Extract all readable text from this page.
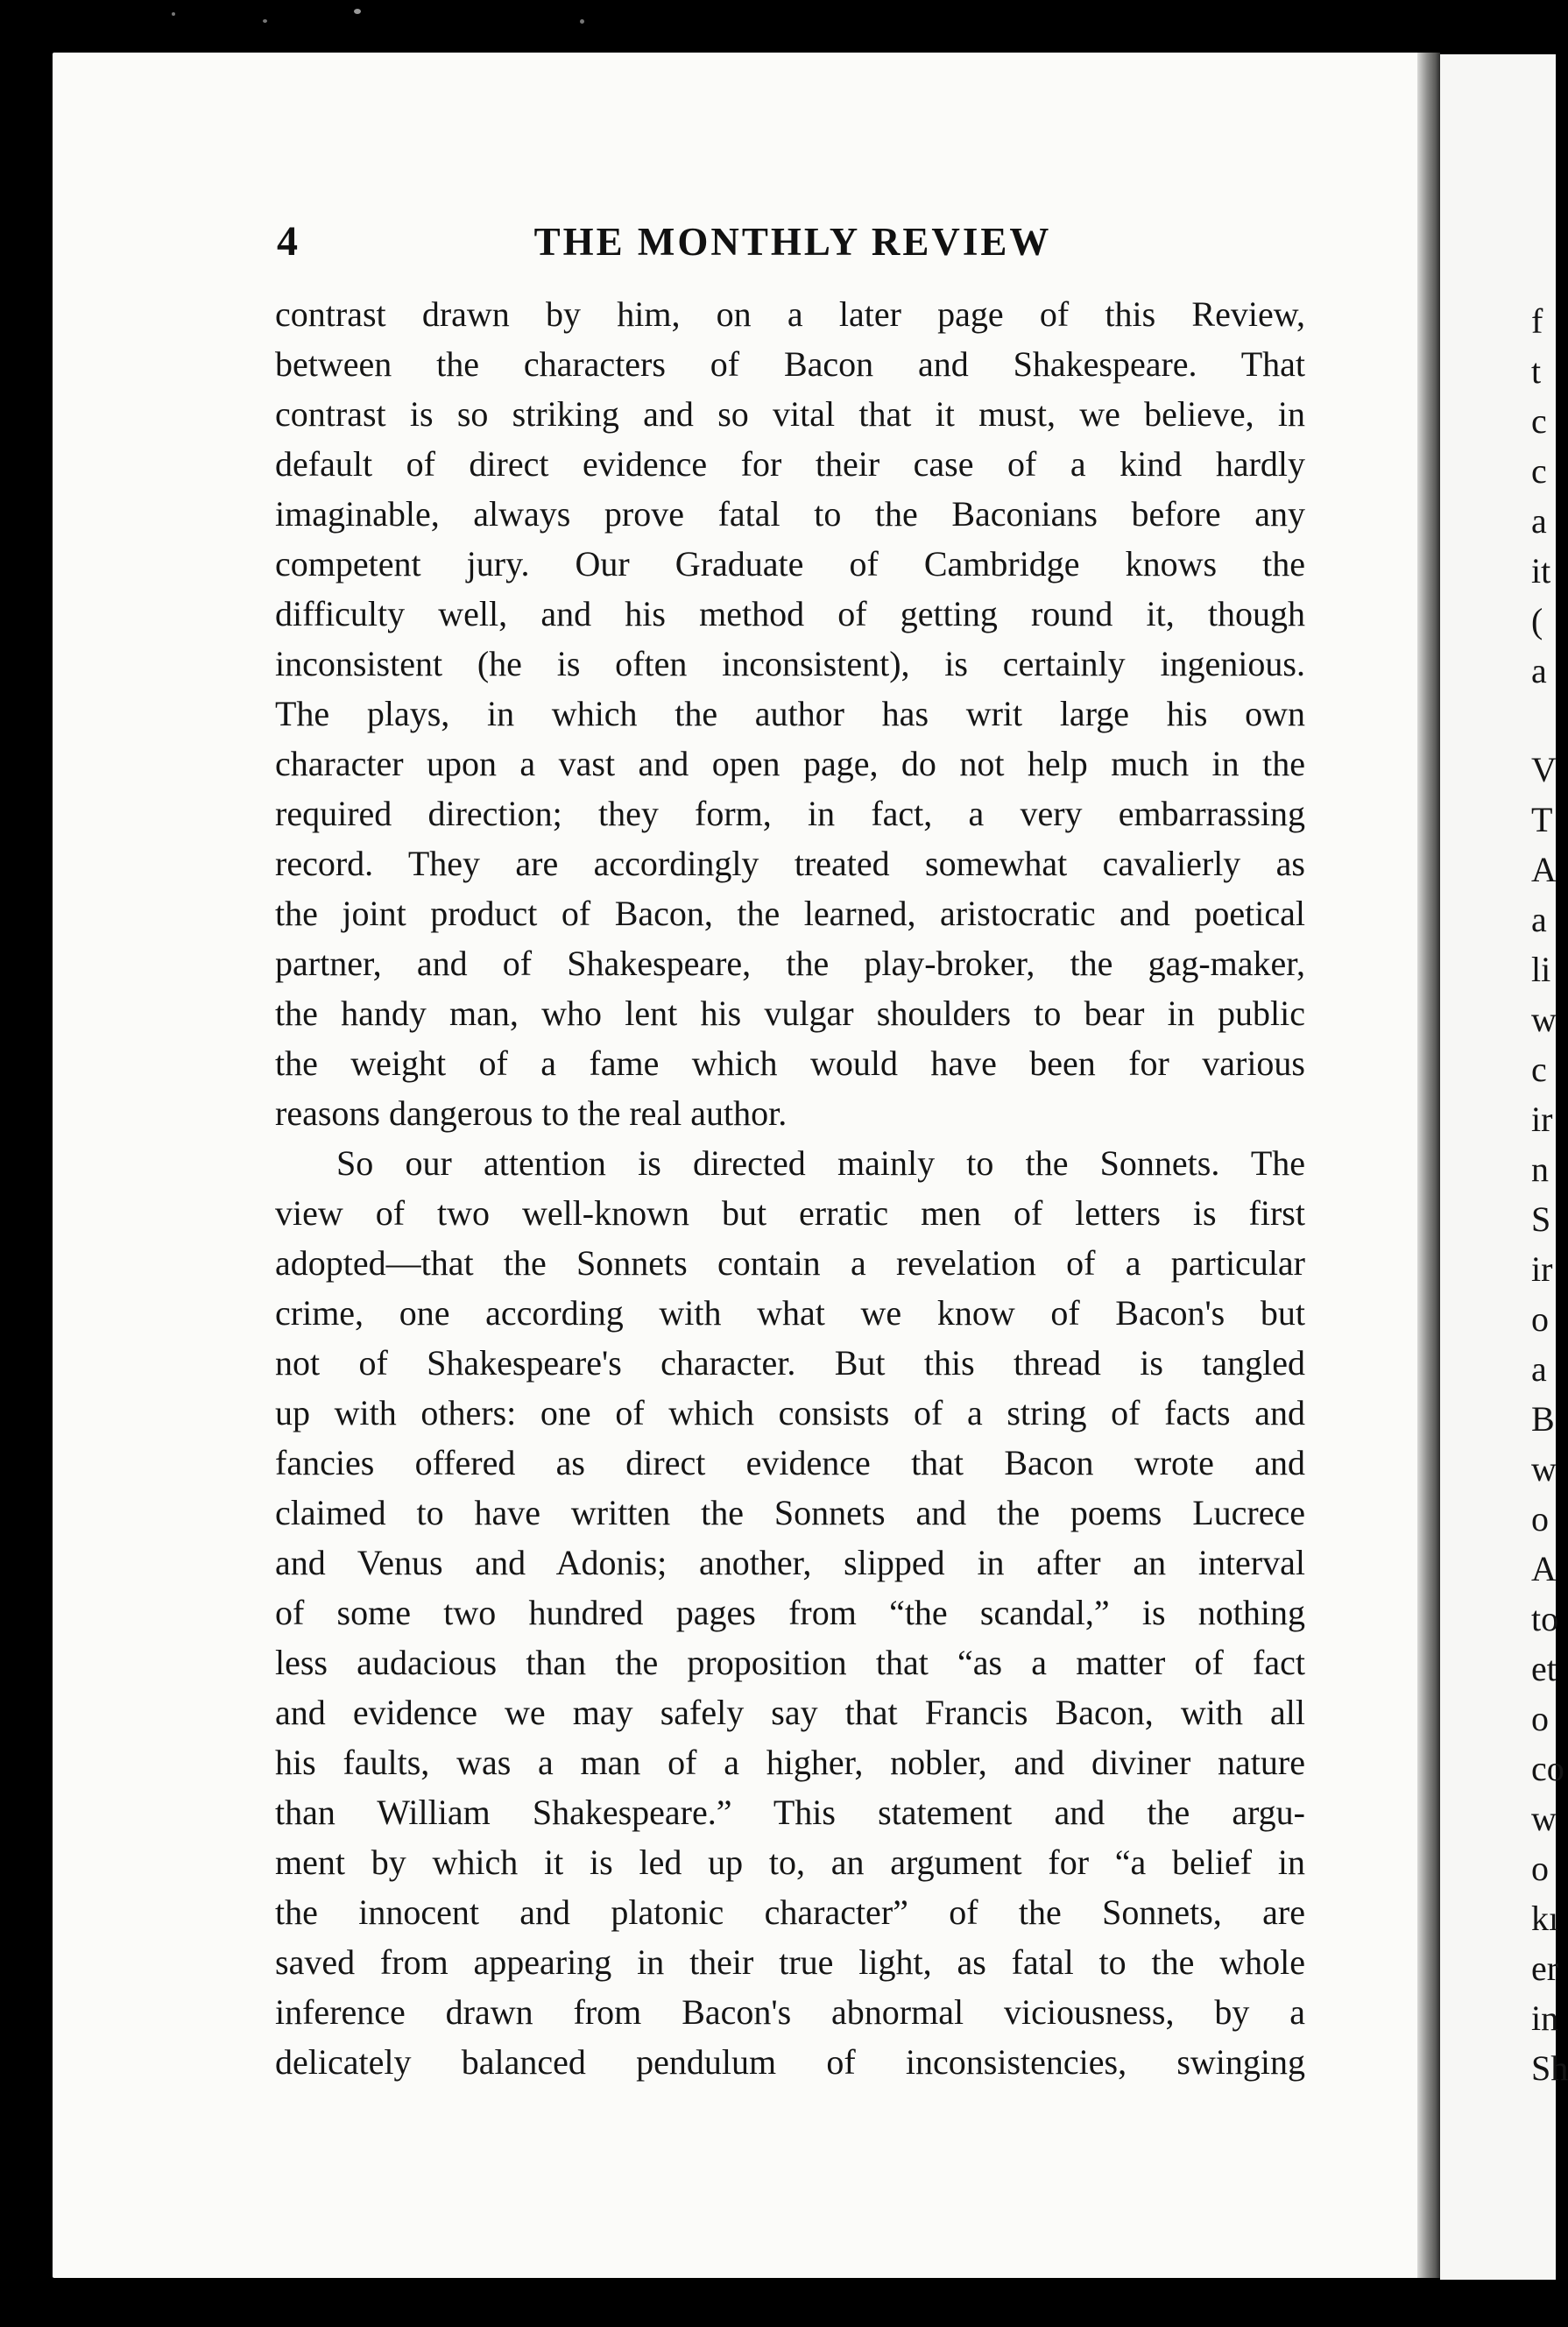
4	THE MONTHLY REVIEW
contrast drawn by him, on a later page of this Review,
between the characters of Bacon and Shakespeare. That
contrast is so striking and so vital that it must, we believe, in
default of direct evidence for their case of a kind hardly
imaginable, always prove fatal to the Baconians before any
competent jury. Our Graduate of Cambridge knows the
difficulty well, and his method of getting round it, though
inconsistent (he is often inconsistent), is certainly ingenious.
The plays, in which the author has writ large his own
character upon a vast and open page, do not help much in the
required direction; they form, in fact, a very embarrassing
record. They are accordingly treated somewhat cavalierly as
the joint product of Bacon, the learned, aristocratic and poetical
partner, and of Shakespeare, the play-broker, the gag-maker,
the handy man, who lent his vulgar shoulders to bear in public
the weight of a fame which would have been for various
reasons dangerous to the real author.
So our attention is directed mainly to the Sonnets. The
view of two well-known but erratic men of letters is first
adopted—that the Sonnets contain a revelation of a particular
crime, one according with what we know of Bacon's but
not of Shakespeare's character. But this thread is tangled
up with others: one of which consists of a string of facts and
fancies offered as direct evidence that Bacon wrote and
claimed to have written the Sonnets and the poems Lucrece
and Venus and Adonis; another, slipped in after an interval
of some two hundred pages from “the scandal,” is nothing
less audacious than the proposition that “as a matter of fact
and evidence we may safely say that Francis Bacon, with all
his faults, was a man of a higher, nobler, and diviner nature
than William Shakespeare.” This statement and the argu-
ment by which it is led up to, an argument for “a belief in
the innocent and platonic character” of the Sonnets, are
saved from appearing in their true light, as fatal to the whole
inference drawn from Bacon's abnormal viciousness, by a
delicately balanced pendulum of inconsistencies, swinging
f
t
c
c
a
it
(
a
V
T
A
a
li
w
c
ir
n
S
ir
o
a
B
w
o
A
to
et
o
co
w
o
kı
er
in
Sh
